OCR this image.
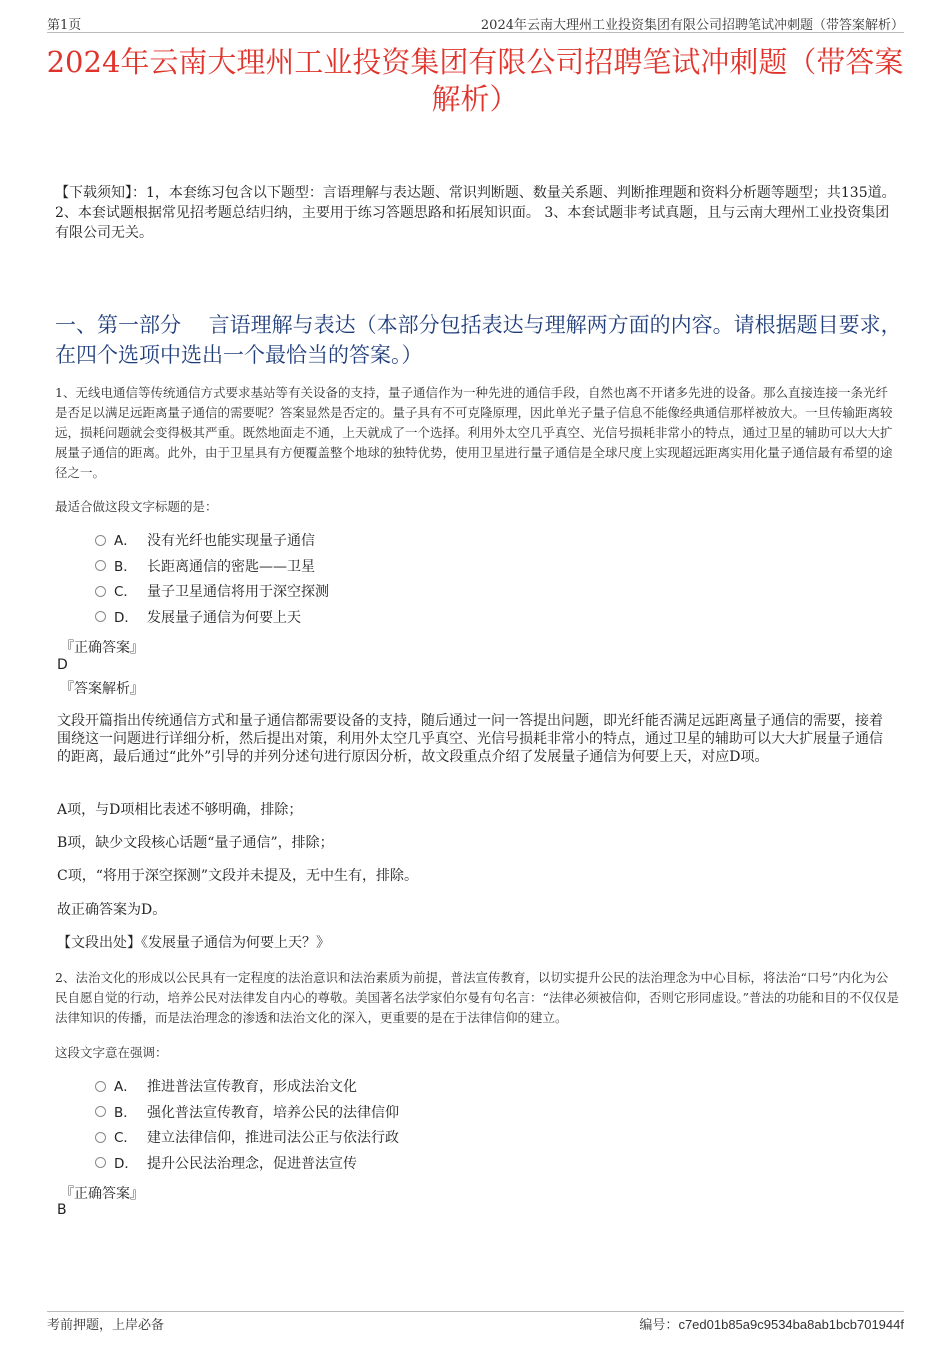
第1页	2024年云南大理州工业投资集团有限公司招聘笔试冲刺题（带答案解析）
2024年云南大理州工业投资集团有限公司招聘笔试冲刺题（带答案解析）
【下载须知】：1，本套练习包含以下题型：言语理解与表达题、常识判断题、数量关系题、判断推理题和资料分析题等题型；共135道。 2、本套试题根据常见招考题总结归纳，主要用于练习答题思路和拓展知识面。 3、本套试题非考试真题，且与云南大理州工业投资集团有限公司无关。
一、第一部分　 言语理解与表达（本部分包括表达与理解两方面的内容。请根据题目要求，在四个选项中选出一个最恰当的答案。）
1、无线电通信等传统通信方式要求基站等有关设备的支持，量子通信作为一种先进的通信手段，自然也离不开诸多先进的设备。那么直接连接一条光纤是否足以满足远距离量子通信的需要呢？答案显然是否定的。量子具有不可克隆原理，因此单光子量子信息不能像经典通信那样被放大。一旦传输距离较远，损耗问题就会变得极其严重。既然地面走不通，上天就成了一个选择。利用外太空几乎真空、光信号损耗非常小的特点，通过卫星的辅助可以大大扩展量子通信的距离。此外，由于卫星具有方便覆盖整个地球的独特优势，使用卫星进行量子通信是全球尺度上实现超远距离实用化量子通信最有希望的途径之一。
最适合做这段文字标题的是：
A． 没有光纤也能实现量子通信
B． 长距离通信的密匙——卫星
C． 量子卫星通信将用于深空探测
D． 发展量子通信为何要上天
『正确答案』
D
『答案解析』
文段开篇指出传统通信方式和量子通信都需要设备的支持，随后通过一问一答提出问题，即光纤能否满足远距离量子通信的需要，接着围绕这一问题进行详细分析，然后提出对策，利用外太空几乎真空、光信号损耗非常小的特点，通过卫星的辅助可以大大扩展量子通信的距离，最后通过“此外”引导的并列分述句进行原因分析，故文段重点介绍了发展量子通信为何要上天，对应D项。
A项，与D项相比表述不够明确，排除；
B项，缺少文段核心话题“量子通信”，排除；
C项，“将用于深空探测”文段并未提及，无中生有，排除。
故正确答案为D。
【文段出处】《发展量子通信为何要上天？》
2、法治文化的形成以公民具有一定程度的法治意识和法治素质为前提，普法宣传教育，以切实提升公民的法治理念为中心目标，将法治“口号”内化为公民自愿自觉的行动，培养公民对法律发自内心的尊敬。美国著名法学家伯尔曼有句名言：“法律必须被信仰，否则它形同虚设。”普法的功能和目的不仅仅是法律知识的传播，而是法治理念的渗透和法治文化的深入，更重要的是在于法律信仰的建立。
这段文字意在强调：
A． 推进普法宣传教育，形成法治文化
B． 强化普法宣传教育，培养公民的法律信仰
C． 建立法律信仰，推进司法公正与依法行政
D． 提升公民法治理念，促进普法宣传
『正确答案』
B
考前押题，上岸必备	编号：c7ed01b85a9c9534ba8ab1bcb701944f
